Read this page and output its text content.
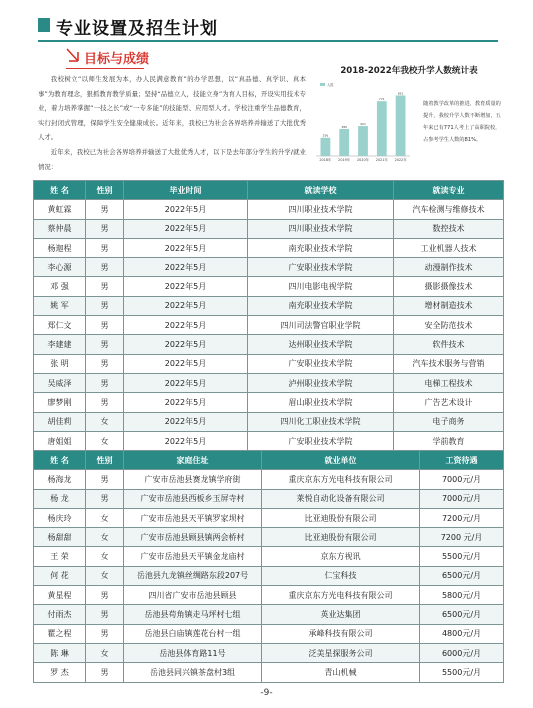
专业设置及招生计划
目标与成绩

我校树立“以师生发展为本，办人民满意教育”的办学思想，以“真品德、真学识、真本事”为教育理念，狠抓教育教学质量；坚持“品德立人，技能立身”为育人目标，开设实用技术专业，着力培养掌握“一技之长”或“一专多能”的技能型、应用型人才。学校注重学生品德教育，实行封闭式管理，保障学生安全健康成长。近年来，我校已为社会各界培养并输送了大批优秀人才。

近年来，我校已为社会各界培养并输送了大批优秀人才，以下是去年部分学生的升学/就业情况：

2018-2022年我校升学人数统计表
人数
256
2018年
380
2019年
421
2020年
771
2021年
851
2022年
随着教学改革的推进，教育质量的提升，我校升学人数不断增加，五年来已有771人考上了高职院校，占参考学生人数的81%。
姓 名	性别	毕业时间	就读学校	就读专业
黄虹霖	男	2022年5月	四川职业技术学院	汽车检测与维修技术
蔡仲晨	男	2022年5月	四川职业技术学院	数控技术
杨迦程	男	2022年5月	南充职业技术学院	工业机器人技术
李心源	男	2022年5月	广安职业技术学院	动漫制作技术
邓 强	男	2022年5月	四川电影电视学院	摄影摄像技术
姚 军	男	2022年5月	南充职业技术学院	增材制造技术
郑仁文	男	2022年5月	四川司法警官职业学院	安全防范技术
李建建	男	2022年5月	达州职业技术学院	软件技术
张 明	男	2022年5月	广安职业技术学院	汽车技术服务与营销
吴威泽	男	2022年5月	泸州职业技术学院	电梯工程技术
廖梦刚	男	2022年5月	眉山职业技术学院	广告艺术设计
胡佳莉	女	2022年5月	四川化工职业技术学院	电子商务
唐姐姐	女	2022年5月	广安职业技术学院	学前教育
姓 名	性别	家庭住址	就业单位	工资待遇
杨海龙	男	广安市岳池县赛龙镇学府街	重庆京东方光电科技有限公司	7000元/月
杨 龙	男	广安市岳池县西板乡玉屏寺村	莱悦自动化设备有限公司	7000元/月
杨庆玲	女	广安市岳池县天平镇罗家坝村	比亚迪股份有限公司	7200元/月
杨甜甜	女	广安市岳池县顾县镇两会桥村	比亚迪股份有限公司	7200 元/月
王 荣	女	广安市岳池县天平镇金龙庙村	京东方视讯	5500元/月
何 花	女	岳池县九龙镇丝绸路东段207号	仁宝科技	6500元/月
黄星程	男	四川省广安市岳池县顾县	重庆京东方光电科技有限公司	5800元/月
付雨杰	男	岳池县苟角镇走马坪村七组	英业达集团	6500元/月
瞿之程	男	岳池县白庙镇莲花台村一组	承峰科技有限公司	4800元/月
陈 琳	女	岳池县体育路11号	泛美星探服务公司	6000元/月
罗 杰	男	岳池县同兴镇茶盘村3组	青山机械	5500元/月
-9-
